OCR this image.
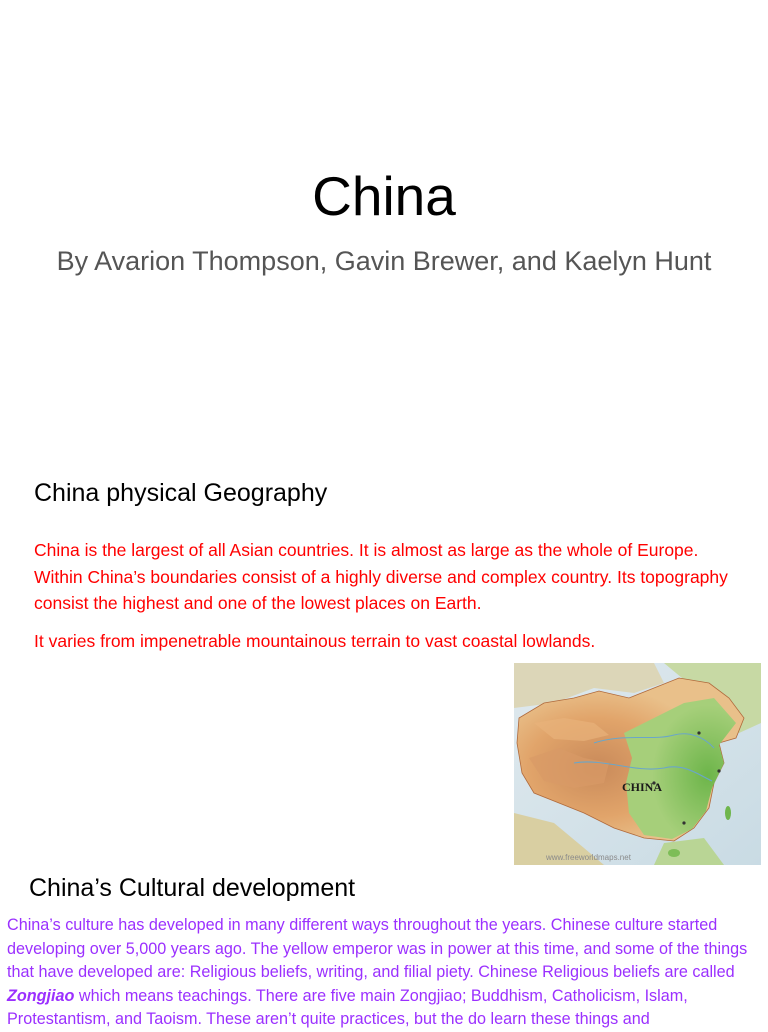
China

By Avarion Thompson, Gavin Brewer, and Kaelyn Hunt

China physical Geography

China is the largest of all Asian countries. It is almost as large as the whole of Europe. Within China’s boundaries consist of a highly diverse and complex country. Its topography consist the highest and one of the lowest places on Earth.

It varies from impenetrable mountainous terrain to vast coastal lowlands.

CHINA
www.freeworldmaps.net
China’s Cultural development

China’s culture has developed in many different ways throughout the years. Chinese culture started developing over 5,000 years ago. The yellow emperor was in power at this time, and some of the things that have developed are: Religious beliefs, writing, and filial piety. Chinese Religious beliefs are called Zongjiao which means teachings. There are five main Zongjiao; Buddhism, Catholicism, Islam, Protestantism, and Taoism. These aren’t quite practices, but the do learn these things and
